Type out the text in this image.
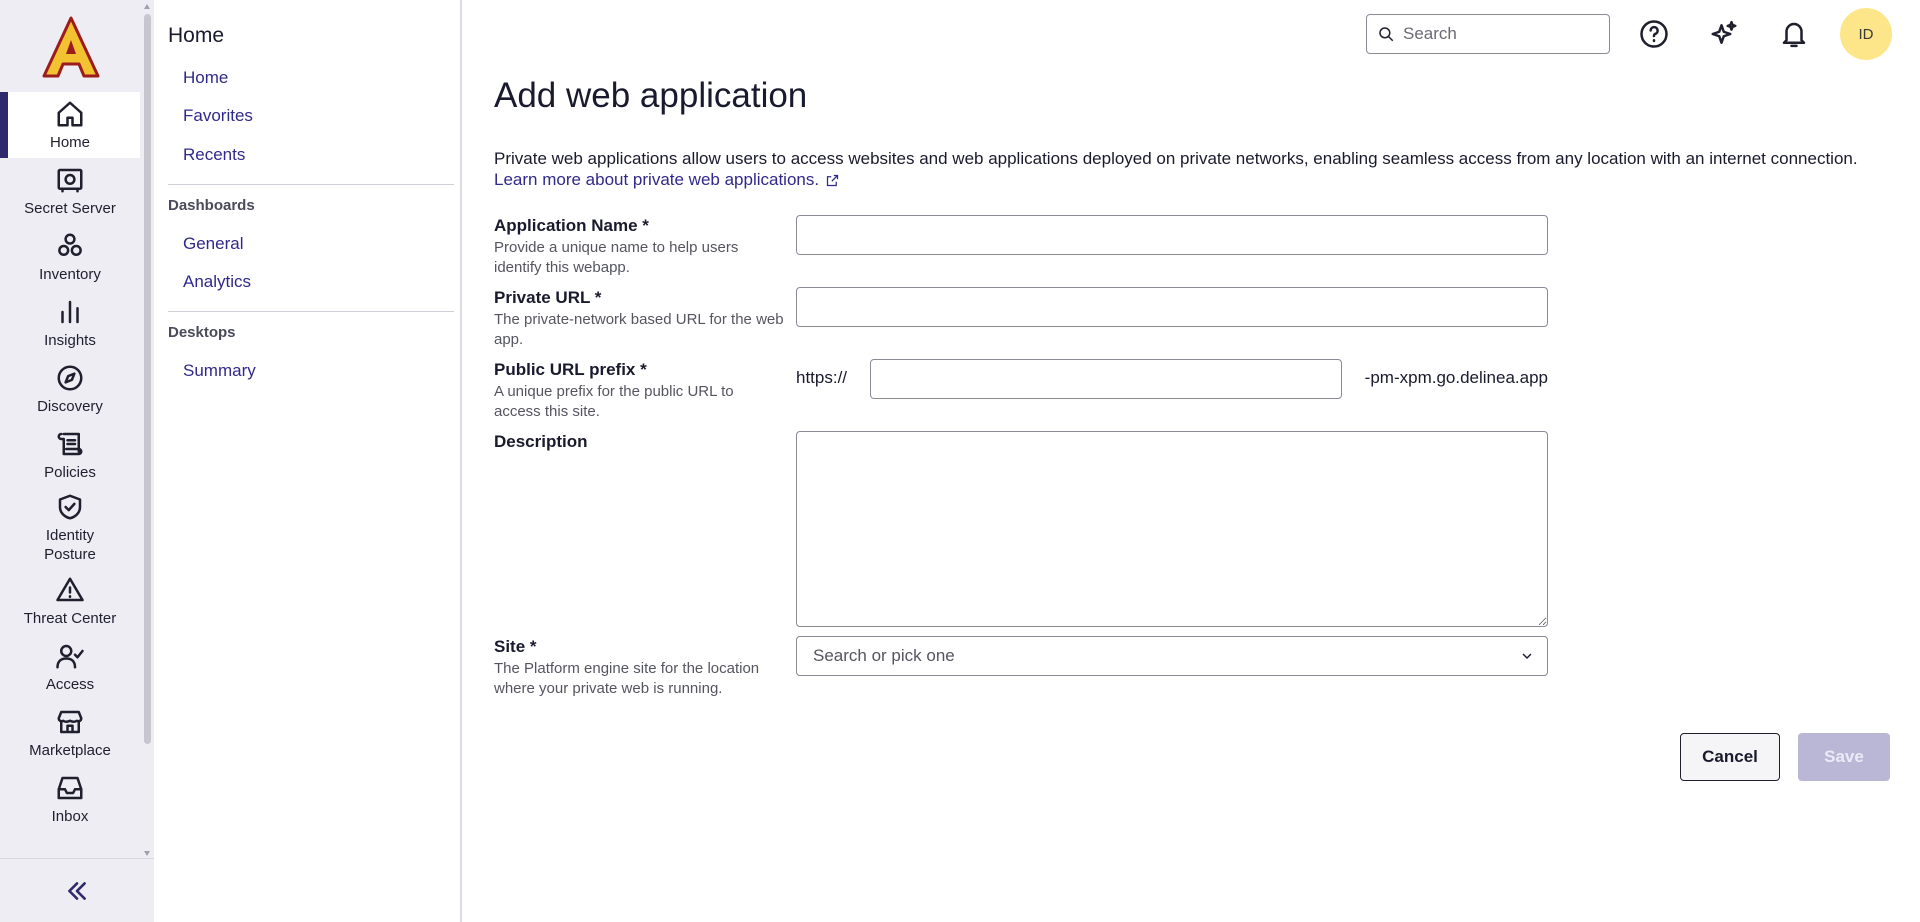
Home
Secret Server
Inventory
Insights
Discovery
Policies
Identity Posture
Threat Center
Access
Marketplace
Inbox
Home
Home
Favorites
Recents
Dashboards
General
Analytics
Desktops
Summary
Search
ID
Add web application

Private web applications allow users to access websites and web applications deployed on private networks, enabling seamless access from any location with an internet connection.

Learn more about private web applications.
Application Name *
Provide a unique name to help users identify this webapp.
Private URL *
The private-network based URL for the web app.
Public URL prefix *
A unique prefix for the public URL to access this site.
https://	-pm-xpm.go.delinea.app
Description
Site *
The Platform engine site for the location where your private web is running.
Search or pick one
Cancel	Save
